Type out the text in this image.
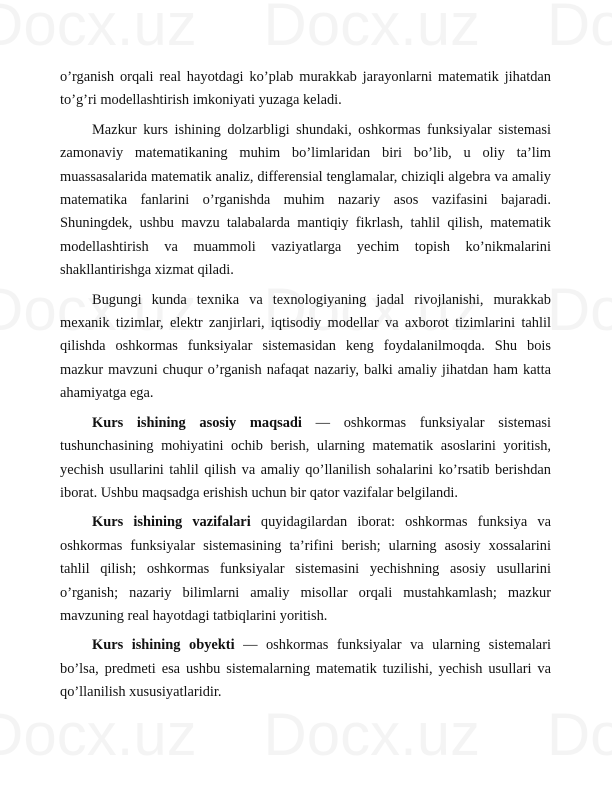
o’rganish orqali real hayotdagi ko’plab murakkab jarayonlarni matematik jihatdan to’g’ri modellashtirish imkoniyati yuzaga keladi.

Mazkur kurs ishining dolzarbligi shundaki, oshkormas funksiyalar sistemasi zamonaviy matematikaning muhim bo’limlaridan biri bo’lib, u oliy ta’lim muassasalarida matematik analiz, differensial tenglamalar, chiziqli algebra va amaliy matematika fanlarini o’rganishda muhim nazariy asos vazifasini bajaradi. Shuningdek, ushbu mavzu talabalarda mantiqiy fikrlash, tahlil qilish, matematik modellashtirish va muammoli vaziyatlarga yechim topish ko’nikmalarini shakllantirishga xizmat qiladi.

Bugungi kunda texnika va texnologiyaning jadal rivojlanishi, murakkab mexanik tizimlar, elektr zanjirlari, iqtisodiy modellar va axborot tizimlarini tahlil qilishda oshkormas funksiyalar sistemasidan keng foydalanilmoqda. Shu bois mazkur mavzuni chuqur o’rganish nafaqat nazariy, balki amaliy jihatdan ham katta ahamiyatga ega.

Kurs ishining asosiy maqsadi — oshkormas funksiyalar sistemasi tushunchasining mohiyatini ochib berish, ularning matematik asoslarini yoritish, yechish usullarini tahlil qilish va amaliy qo’llanilish sohalarini ko’rsatib berishdan iborat. Ushbu maqsadga erishish uchun bir qator vazifalar belgilandi.

Kurs ishining vazifalari quyidagilardan iborat: oshkormas funksiya va oshkormas funksiyalar sistemasining ta’rifini berish; ularning asosiy xossalarini tahlil qilish; oshkormas funksiyalar sistemasini yechishning asosiy usullarini o’rganish; nazariy bilimlarni amaliy misollar orqali mustahkamlash; mazkur mavzuning real hayotdagi tatbiqlarini yoritish.

Kurs ishining obyekti — oshkormas funksiyalar va ularning sistemalari bo’lsa, predmeti esa ushbu sistemalarning matematik tuzilishi, yechish usullari va qo’llanilish xususiyatlaridir.
